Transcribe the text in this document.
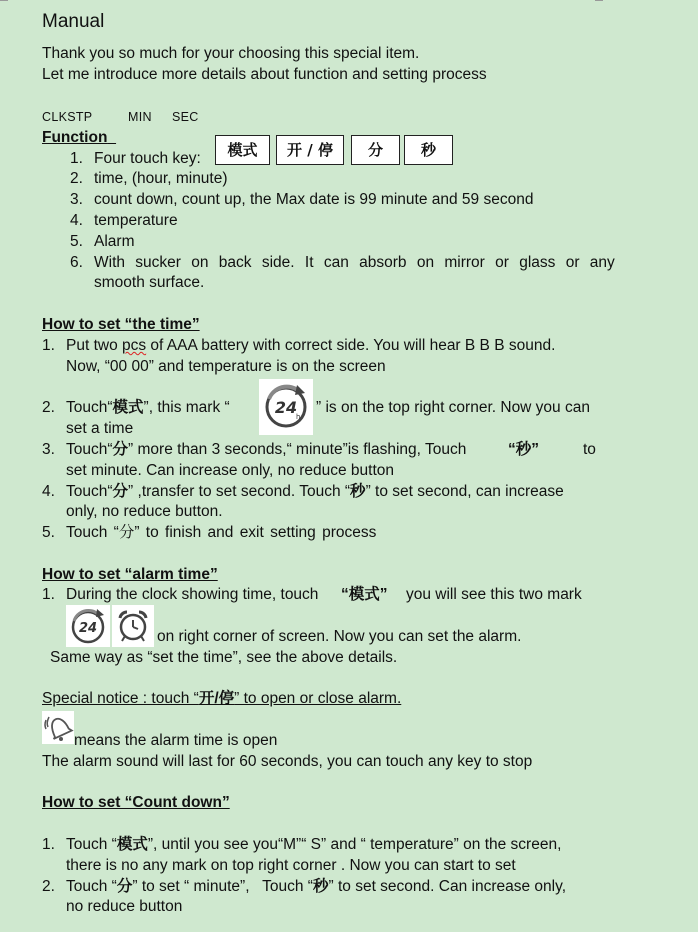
Manual
Thank you so much for your choosing this special item.
Let me introduce more details about function and setting process
CLKSTP	MIN SEC
Function
模式	开 / 停	分	秒
1. Four touch key:
2. time, (hour, minute)
3. count down, count up, the Max date is 99 minute and 59 second
4. temperature
5. Alarm
6. With sucker on back side. It can absorb on mirror or glass or any
smooth surface.
How to set “the time”
1. Put two pcs of AAA battery with correct side. You will hear B B B sound.
Now, “00 00” and temperature is on the screen
2. Touch“模式”, this mark “	24
h
” is on the top right corner. Now you can
set a time
3. Touch“分” more than 3 seconds,“ minute”is flashing, Touch	“秒”	to
set minute. Can increase only, no reduce button
4. Touch“分” ,transfer to set second. Touch “秒” to set second, can increase
only, no reduce button.
5. Touch “分” to finish and exit setting process
How to set “alarm time”
1. During the clock showing time, touch “模式” you will see this two mark
24	on right corner of screen. Now you can set the alarm.
Same way as “set the time”, see the above details.
Special notice : touch “开/停” to open or close alarm.
means the alarm time is open
The alarm sound will last for 60 seconds, you can touch any key to stop
How to set “Count down”
1. Touch “模式”, until you see you“M”“ S” and “ temperature” on the screen,
there is no any mark on top right corner . Now you can start to set
2. Touch “分” to set “ minute”,   Touch “秒” to set second. Can increase only,
no reduce button
